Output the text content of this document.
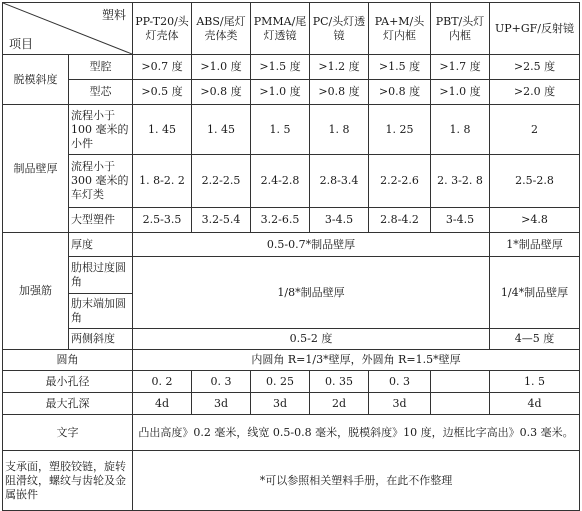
塑料
项目		PP-T20/头灯壳体	ABS/尾灯壳体类	PMMA/尾灯透镜	PC/头灯透镜	PA+M/头灯内框	PBT/头灯内框	UP+GF/反射镜
脱模斜度	型腔	>0.7 度	>1.0 度	>1.5 度	>1.2 度	>1.5 度	>1.7 度	>2.5 度
	型芯	>0.5 度	>0.8 度	>1.0 度	>0.8 度	>0.8 度	>1.0 度	>2.0 度
制品壁厚	流程小于100 毫米的小件	1. 45	1. 45	1. 5	1. 8	1. 25	1. 8	2
	流程小于300 毫米的车灯类	1. 8-2. 2	2.2-2.5	2.4-2.8	2.8-3.4	2.2-2.6	2. 3-2. 8	2.5-2.8
	大型塑件	2.5-3.5	3.2-5.4	3.2-6.5	3-4.5	2.8-4.2	3-4.5	>4.8
加强筋	厚度	0.5-0.7*制品壁厚						1*制品壁厚
	肋根过度圆角	1/8*制品壁厚						1/4*制品壁厚
	肋末端加圆角							
	两侧斜度	0.5-2 度						4—5 度
圆角		内圆角 R=1/3*壁厚，外圆角 R=1.5*壁厚						
最小孔径		0. 2	0. 3	0. 25	0. 35	0. 3		1. 5
最大孔深		4d	3d	3d	2d	3d		4d
文字		凸出高度》0.2 毫米，线宽 0.5-0.8 毫米，脱模斜度》10 度，边框比字高出》0.3 毫米。						
支承面，塑胶铰链，旋转阻滑纹，螺纹与齿轮及金属嵌件		*可以参照相关塑料手册，在此不作整理						
